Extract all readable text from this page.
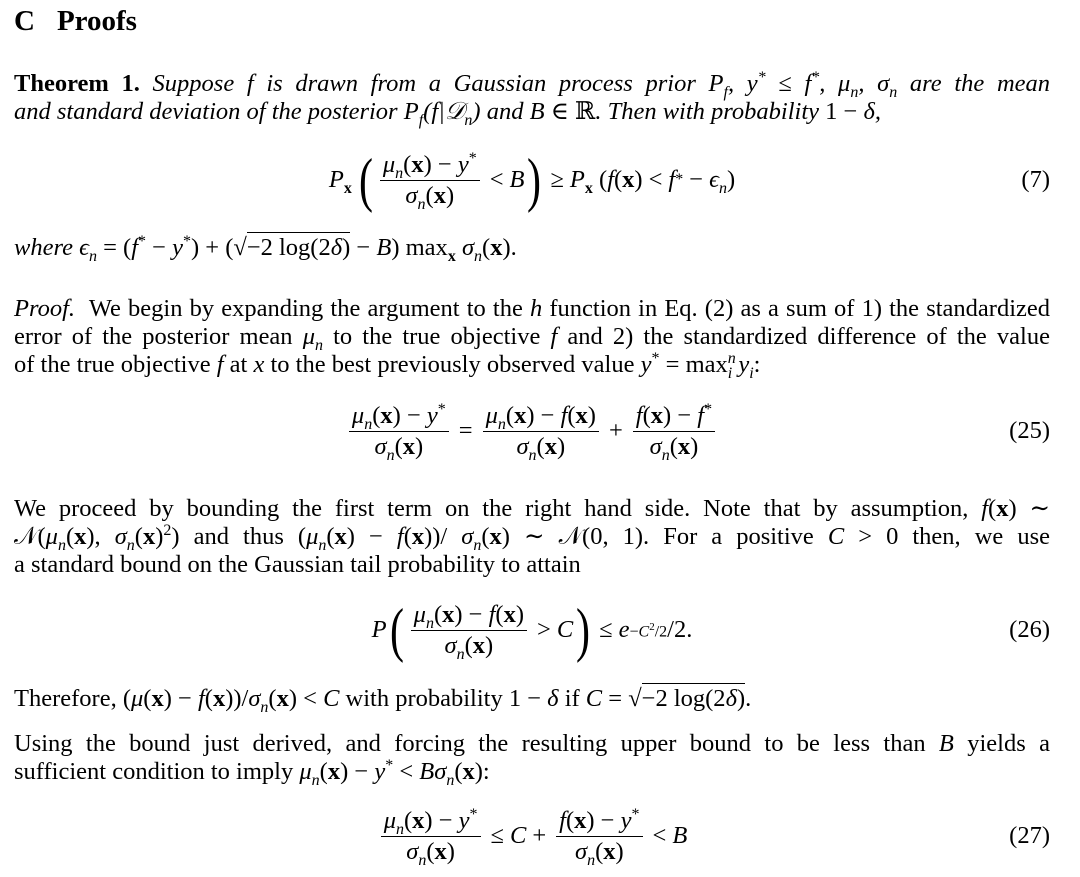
C Proofs
Theorem 1. Suppose f is drawn from a Gaussian process prior $P_f$, y* ≤ f*, $\mu_n$, $\sigma_n$ are the mean
and standard deviation of the posterior $P_f(f|𝒟_n)$ and B ∈ ℝ. Then with probability 1 − δ,
$P_x$ ( $\frac{\mu_n(x) - y^*}{\sigma_n(x)} < B$ ) ≥ $P_x$ ( f ( x ) < f * − $\epsilon_n$ )	(7)
where $\epsilon_n = (f^* - y^*) + (√-2$ log(2δ) − B) $\max_x \sigma_n(x)$.
Proof.  We begin by expanding the argument to the h function in Eq. (2) as a sum of 1) the standardized
error of the posterior mean $\mu_n$ to the true objective f and 2) the standardized difference of the value
of the true objective f at x to the best previously observed value $y^* = \max^n_i y_i$:
$\frac{\mu_n(x) - y^*}{\sigma_n(x)} = \frac{\mu_n(x) - f(x)}{\sigma_n(x)} + \frac{f(x) - f^*}{\sigma_n(x)}$	(25)
We proceed by bounding the first term on the right hand side. Note that by assumption, f(x) ∼
$𝒩(\mu_n(x)$, $\sigma_n(x)^2$) and thus $(\mu_n(x) - f(x))/$ $\sigma_n(x)$ ∼ 𝒩(0, 1). For a positive C > 0 then, we use
a standard bound on the Gaussian tail probability to attain
P ( $\frac{\mu_n(x) - f(x)}{\sigma_n(x)} > C$ ) ≤ $e -C^2/2$ /2.	(26)
Therefore, $(\mu(x) - f(x))/\sigma_n(x) < C$ with probability 1 − δ if C = √−2 log(2δ).
Using the bound just derived, and forcing the resulting upper bound to be less than B yields a
sufficient condition to imply $\mu_n(x) - y^* < B\sigma_n(x)$:
$\frac{\mu_n(x) - y^*}{\sigma_n(x)} \le C + \frac{f(x) - y^*}{\sigma_n(x)} < B$	(27)
